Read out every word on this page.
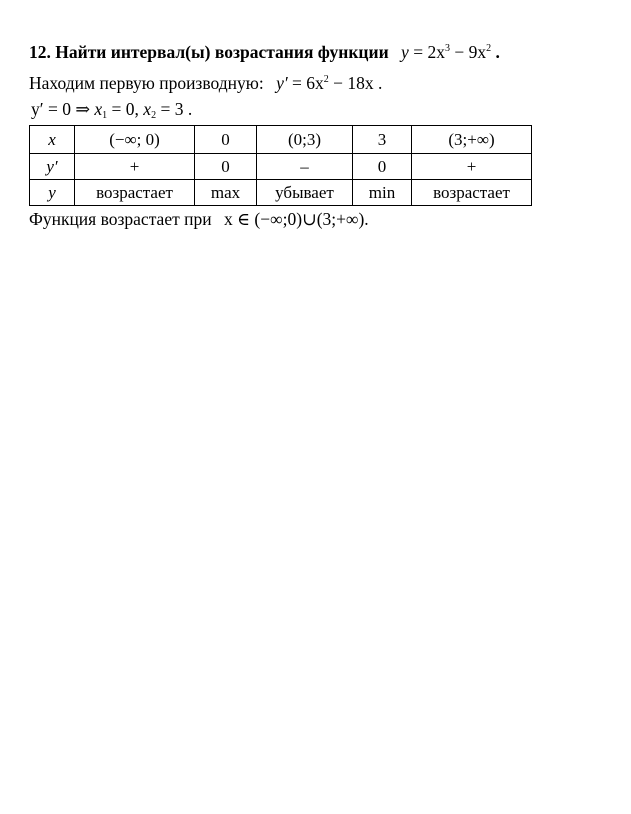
12. Найти интервал(ы) возрастания функции $y = 2x^3 - 9x^2$ .
Находим первую производную: $y' = 6x^2 - 18x$ .
y′ = 0 ⇒ $x_1 = 0$, $x_2 = 3$ .
x	(−∞; 0)	0	(0;3)	3	(3;+∞)
y′	+	0	–	0	+
y	возрастает	max	убывает	min	возрастает
Функция возрастает при x ∈ (−∞;0)∪(3;+∞).
